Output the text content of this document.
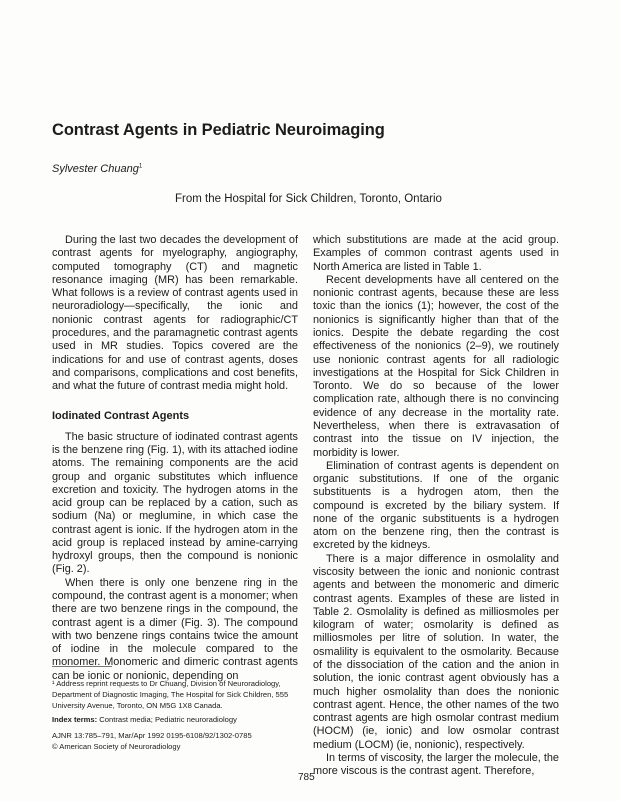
Contrast Agents in Pediatric Neuroimaging
Sylvester Chuang$^1$
From the Hospital for Sick Children, Toronto, Ontario

During the last two decades the development of contrast agents for myelography, angiography, computed tomography (CT) and magnetic resonance imaging (MR) has been remarkable. What follows is a review of contrast agents used in neuroradiology—specifically, the ionic and nonionic contrast agents for radiographic/CT procedures, and the paramagnetic contrast agents used in MR studies. Topics covered are the indications for and use of contrast agents, doses and comparisons, complications and cost benefits, and what the future of contrast media might hold.

Iodinated Contrast Agents

The basic structure of iodinated contrast agents is the benzene ring (Fig. 1), with its attached iodine atoms. The remaining components are the acid group and organic substitutes which influence excretion and toxicity. The hydrogen atoms in the acid group can be replaced by a cation, such as sodium (Na) or meglumine, in which case the contrast agent is ionic. If the hydrogen atom in the acid group is replaced instead by amine-carrying hydroxyl groups, then the compound is nonionic (Fig. 2).

When there is only one benzene ring in the compound, the contrast agent is a monomer; when there are two benzene rings in the compound, the contrast agent is a dimer (Fig. 3). The compound with two benzene rings contains twice the amount of iodine in the molecule compared to the monomer. Monomeric and dimeric contrast agents can be ionic or nonionic, depending on

which substitutions are made at the acid group. Examples of common contrast agents used in North America are listed in Table 1.

Recent developments have all centered on the nonionic contrast agents, because these are less toxic than the ionics (1); however, the cost of the nonionics is significantly higher than that of the ionics. Despite the debate regarding the cost effectiveness of the nonionics (2–9), we routinely use nonionic contrast agents for all radiologic investigations at the Hospital for Sick Children in Toronto. We do so because of the lower complication rate, although there is no convincing evidence of any decrease in the mortality rate. Nevertheless, when there is extravasation of contrast into the tissue on IV injection, the morbidity is lower.

Elimination of contrast agents is dependent on organic substitutions. If one of the organic substituents is a hydrogen atom, then the compound is excreted by the biliary system. If none of the organic substituents is a hydrogen atom on the benzene ring, then the contrast is excreted by the kidneys.

There is a major difference in osmolality and viscosity between the ionic and nonionic contrast agents and between the monomeric and dimeric contrast agents. Examples of these are listed in Table 2. Osmolality is defined as milliosmoles per kilogram of water; osmolarity is defined as milliosmoles per litre of solution. In water, the osmalility is equivalent to the osmolarity. Because of the dissociation of the cation and the anion in solution, the ionic contrast agent obviously has a much higher osmolality than does the nonionic contrast agent. Hence, the other names of the two contrast agents are high osmolar contrast medium (HOCM) (ie, ionic) and low osmolar contrast medium (LOCM) (ie, nonionic), respectively.

In terms of viscosity, the larger the molecule, the more viscous is the contrast agent. Therefore,

¹ Address reprint requests to Dr Chuang, Division of Neuroradiology, Department of Diagnostic Imaging, The Hospital for Sick Children, 555 University Avenue, Toronto, ON M5G 1X8 Canada.
Index terms: Contrast media; Pediatric neuroradiology
AJNR 13:785–791, Mar/Apr 1992 0195-6108/92/1302-0785
© American Society of Neuroradiology
785
